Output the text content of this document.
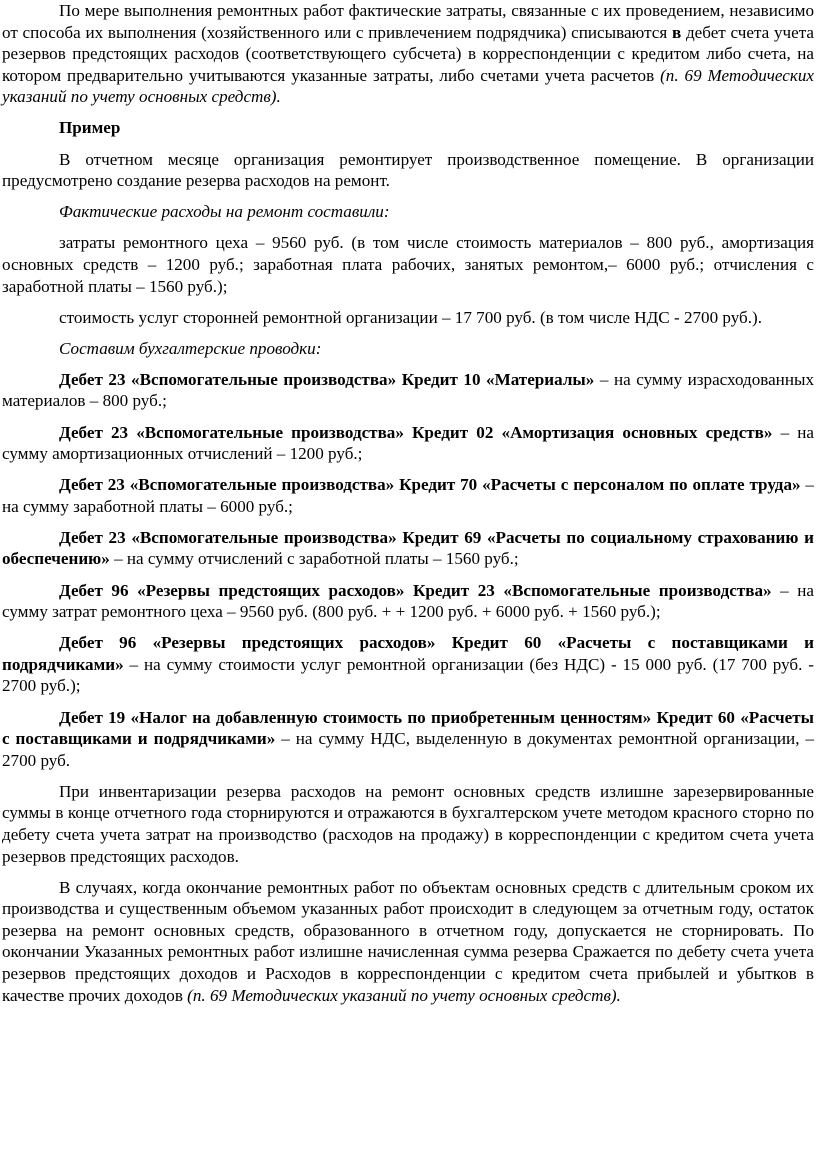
По мере выполнения ремонтных работ фактические затраты, связанные с их проведением, независимо от способа их выполнения (хозяйственного или с привлечением подрядчика) списываются в дебет счета учета резервов предстоящих расходов (соответствующего субсчета) в корреспонденции с кредитом либо счета, на котором предварительно учитываются указанные затраты, либо счетами учета расчетов (п. 69 Методических указаний по учету основных средств).

Пример

В отчетном месяце организация ремонтирует производственное помещение. В организации предусмотрено создание резерва расходов на ремонт.

Фактические расходы на ремонт составили:

затраты ремонтного цеха – 9560 руб. (в том числе стоимость материалов – 800 руб., амортизация основных средств – 1200 руб.; заработная плата рабочих, занятых ремонтом,– 6000 руб.; отчисления с заработной платы – 1560 руб.);

стоимость услуг сторонней ремонтной организации – 17 700 руб. (в том числе НДС - 2700 руб.).

Составим бухгалтерские проводки:

Дебет 23 «Вспомогательные производства» Кредит 10 «Материалы» – на сумму израсходованных материалов – 800 руб.;

Дебет 23 «Вспомогательные производства» Кредит 02 «Амортизация основных средств» – на сумму амортизационных отчислений – 1200 руб.;

Дебет 23 «Вспомогательные производства» Кредит 70 «Расчеты с персоналом по оплате труда» – на сумму заработной платы – 6000 руб.;

Дебет 23 «Вспомогательные производства» Кредит 69 «Расчеты по социальному страхованию и обеспечению» – на сумму отчислений с заработной платы – 1560 руб.;

Дебет 96 «Резервы предстоящих расходов» Кредит 23 «Вспомогательные производства» – на сумму затрат ремонтного цеха – 9560 руб. (800 руб. + + 1200 руб. + 6000 руб. + 1560 руб.);

Дебет 96 «Резервы предстоящих расходов» Кредит 60 «Расчеты с поставщиками и подрядчиками» – на сумму стоимости услуг ремонтной организации (без НДС) - 15 000 руб. (17 700 руб. - 2700 руб.);

Дебет 19 «Налог на добавленную стоимость по приобретенным ценностям» Кредит 60 «Расчеты с поставщиками и подрядчиками» – на сумму НДС, выделенную в документах ремонтной организации, – 2700 руб.

При инвентаризации резерва расходов на ремонт основных средств излишне зарезервированные суммы в конце отчетного года сторнируются и отражаются в бухгалтерском учете методом красного сторно по дебету счета учета затрат на производство (расходов на продажу) в корреспонденции с кредитом счета учета резервов предстоящих расходов.

В случаях, когда окончание ремонтных работ по объектам основных средств с длительным сроком их производства и существенным объемом указанных работ происходит в следующем за отчетным году, остаток резерва на ремонт основных средств, образованного в отчетном году, допускается не сторнировать. По окончании Указанных ремонтных работ излишне начисленная сумма резерва Сражается по дебету счета учета резервов предстоящих доходов и Расходов в корреспонденции с кредитом счета прибылей и убытков в качестве прочих доходов (п. 69 Методических указаний по учету основных средств).
